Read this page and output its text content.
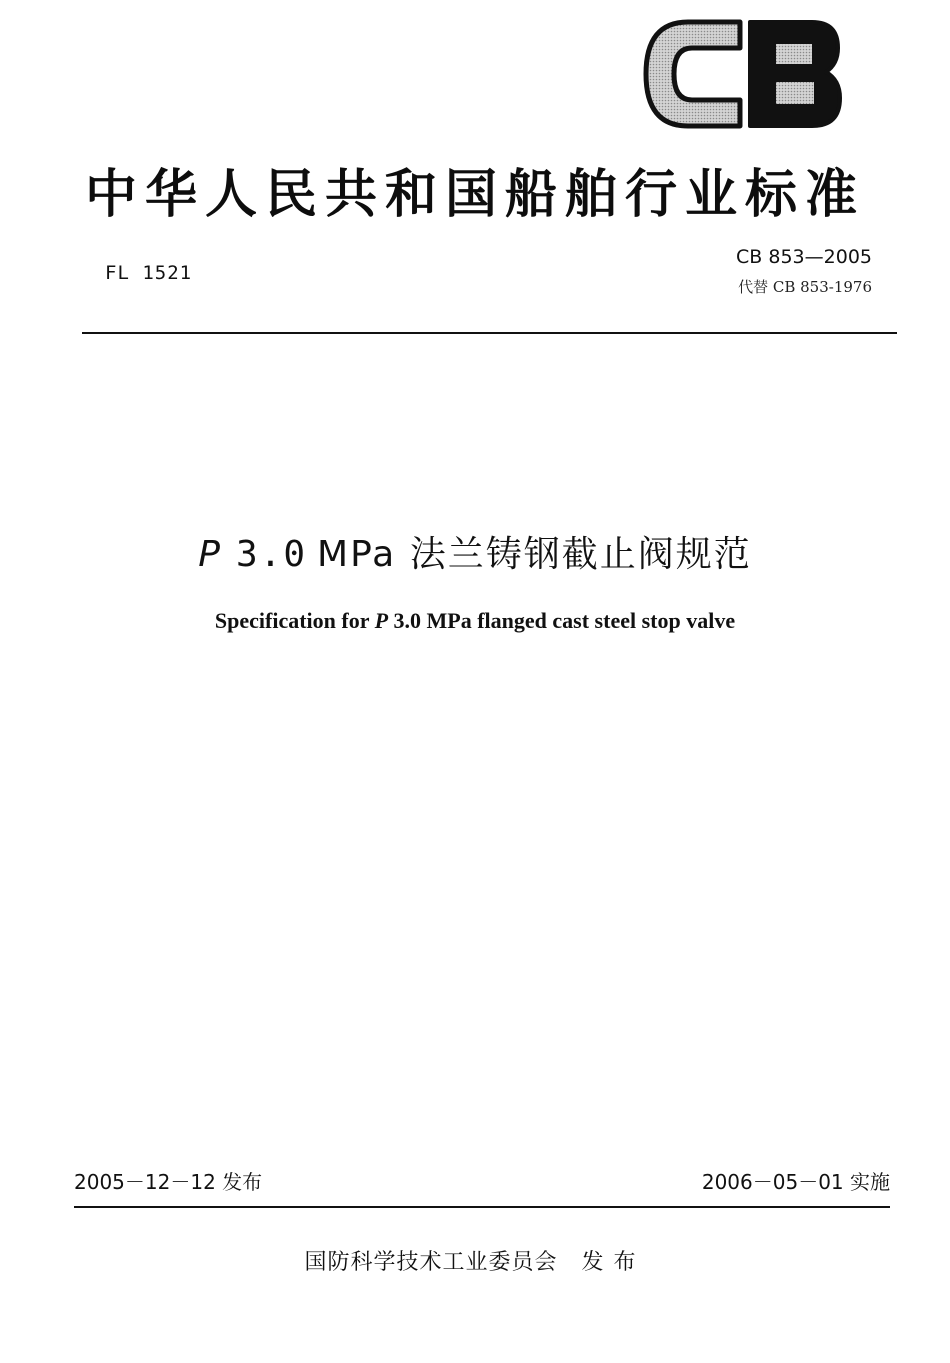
中华人民共和国船舶行业标准
FL 1521
CB 853—2005
代替 CB 853-1976
P 3.0 MPa 法兰铸钢截止阀规范
Specification for P 3.0 MPa flanged cast steel stop valve
2005－12－12 发布	2006－05－01 实施
国防科学技术工业委员会 发布
